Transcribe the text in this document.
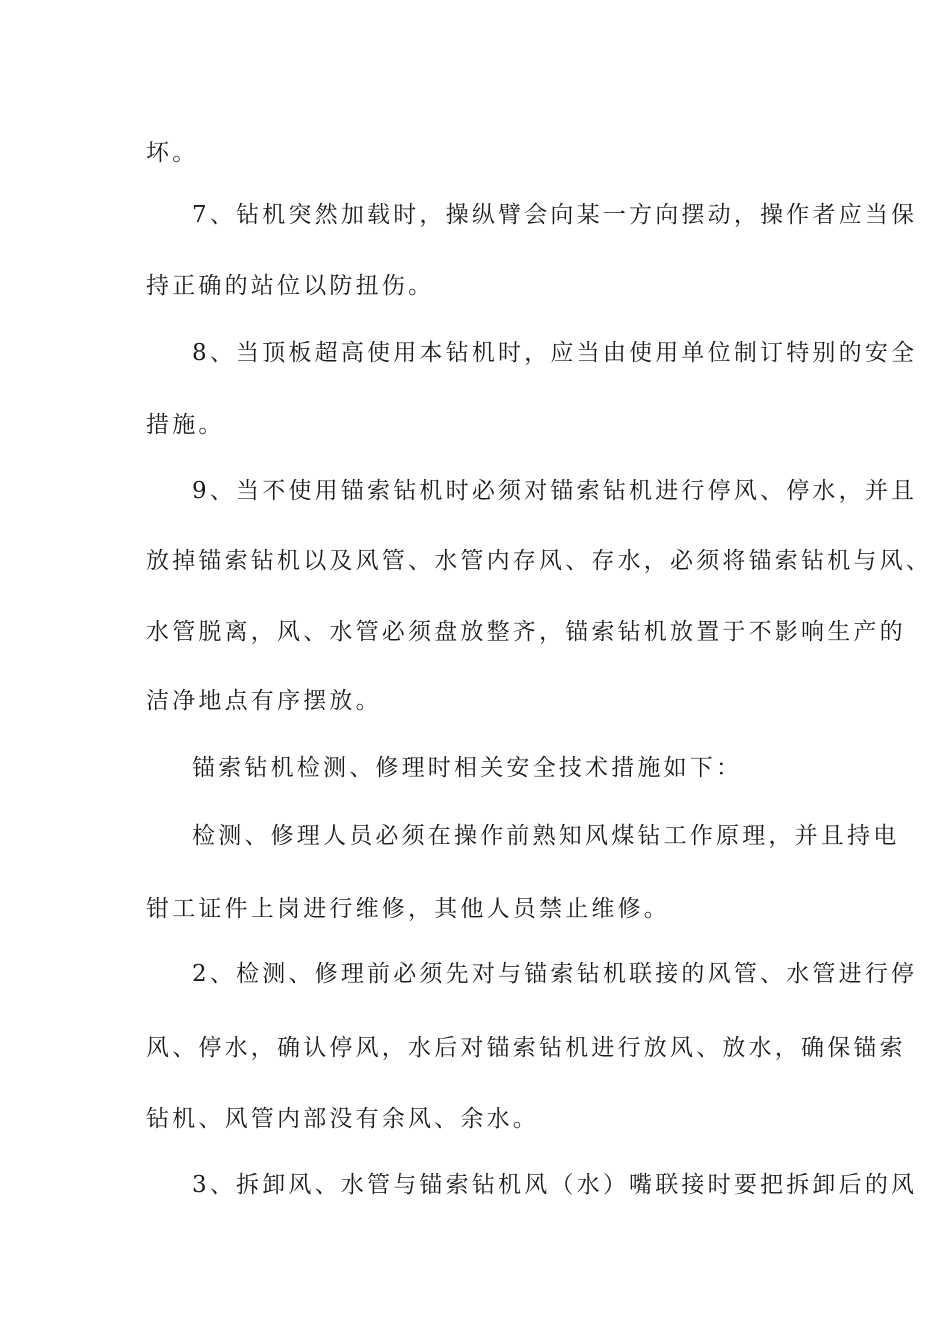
坏。
7、钻机突然加载时，操纵臂会向某一方向摆动，操作者应当保
持正确的站位以防扭伤。
8、当顶板超高使用本钻机时，应当由使用单位制订特别的安全
措施。
9、当不使用锚索钻机时必须对锚索钻机进行停风、停水，并且
放掉锚索钻机以及风管、水管内存风、存水，必须将锚索钻机与风、
水管脱离，风、水管必须盘放整齐，锚索钻机放置于不影响生产的
洁净地点有序摆放。
锚索钻机检测、修理时相关安全技术措施如下：
检测、修理人员必须在操作前熟知风煤钻工作原理，并且持电
钳工证件上岗进行维修，其他人员禁止维修。
2、检测、修理前必须先对与锚索钻机联接的风管、水管进行停
风、停水，确认停风，水后对锚索钻机进行放风、放水，确保锚索
钻机、风管内部没有余风、余水。
3、拆卸风、水管与锚索钻机风（水）嘴联接时要把拆卸后的风
